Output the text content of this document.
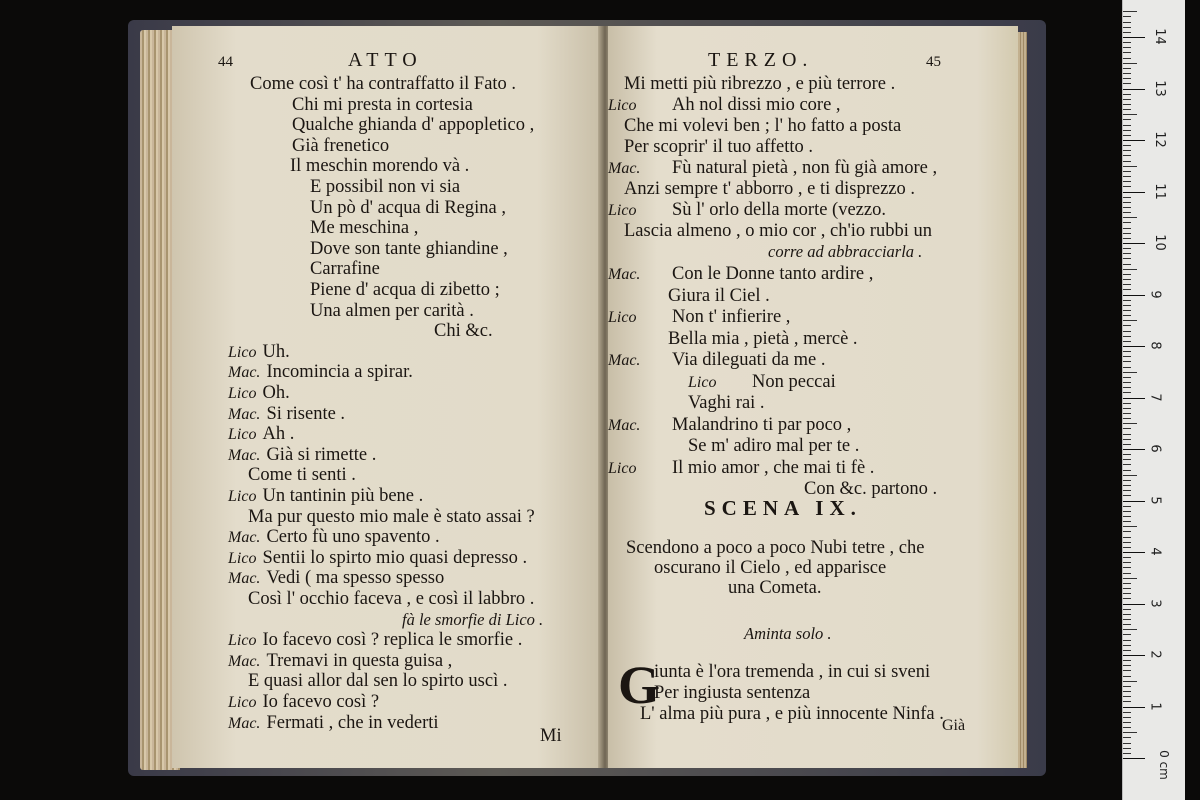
44	ATTO
Come così t' ha contraffatto il Fato .
Chi mi presta in cortesia
Qualche ghianda d' appopletico ,
Già frenetico
Il meschin morendo và .
E possibil non vi sia
Un pò d' acqua di Regina ,
Me meschina ,
Dove son tante ghiandine ,
Carrafine
Piene d' acqua di zibetto ;
Una almen per carità .
Chi &c.
Lico Uh.
Mac. Incomincia a spirar.
Lico Oh.
Mac. Si risente .
Lico Ah .
Mac. Già si rimette .
Come ti senti .
Lico Un tantinin più bene .
Ma pur questo mio male è stato assai ?
Mac. Certo fù uno spavento .
Lico Sentii lo spirto mio quasi depresso .
Mac. Vedi ( ma spesso spesso
Così l' occhio faceva , e così il labbro .
fà le smorfie di Lico .
Lico Io facevo così ? replica le smorfie .
Mac. Tremavi in questa guisa ,
E quasi allor dal sen lo spirto uscì .
Lico Io facevo così ?
Mac. Fermati , che in vederti
Mi
TERZO.	45
Mi metti più ribrezzo , e più terrore .
Lico Ah nol dissi mio core ,
Che mi volevi ben ; l' ho fatto a posta
Per scoprir' il tuo affetto .
Mac. Fù natural pietà , non fù già amore ,
Anzi sempre t' abborro , e ti disprezzo .
Lico Sù l' orlo della morte (vezzo.
Lascia almeno , o mio cor , ch'io rubbi un
corre ad abbracciarla .
Mac. Con le Donne tanto ardire ,
Giura il Ciel .
Lico Non t' infierire ,
Bella mia , pietà , mercè .
Mac. Via dileguati da me .
Lico Non peccai
Vaghi rai .
Mac. Malandrino ti par poco ,
Se m' adiro mal per te .
Lico Il mio amor , che mai ti fè .
Con &c. partono .
SCENA IX.
Scendono a poco a poco Nubi tetre , che
oscurano il Cielo , ed apparisce
una Cometa.
Aminta solo .
iunta è l'ora tremenda , in cui si sveni
Per ingiusta sentenza
L' alma più pura , e più innocente Ninfa .
Già
G	1
2
3
4
5
6
7
8
9
10
11
12
13
14
0 cm
